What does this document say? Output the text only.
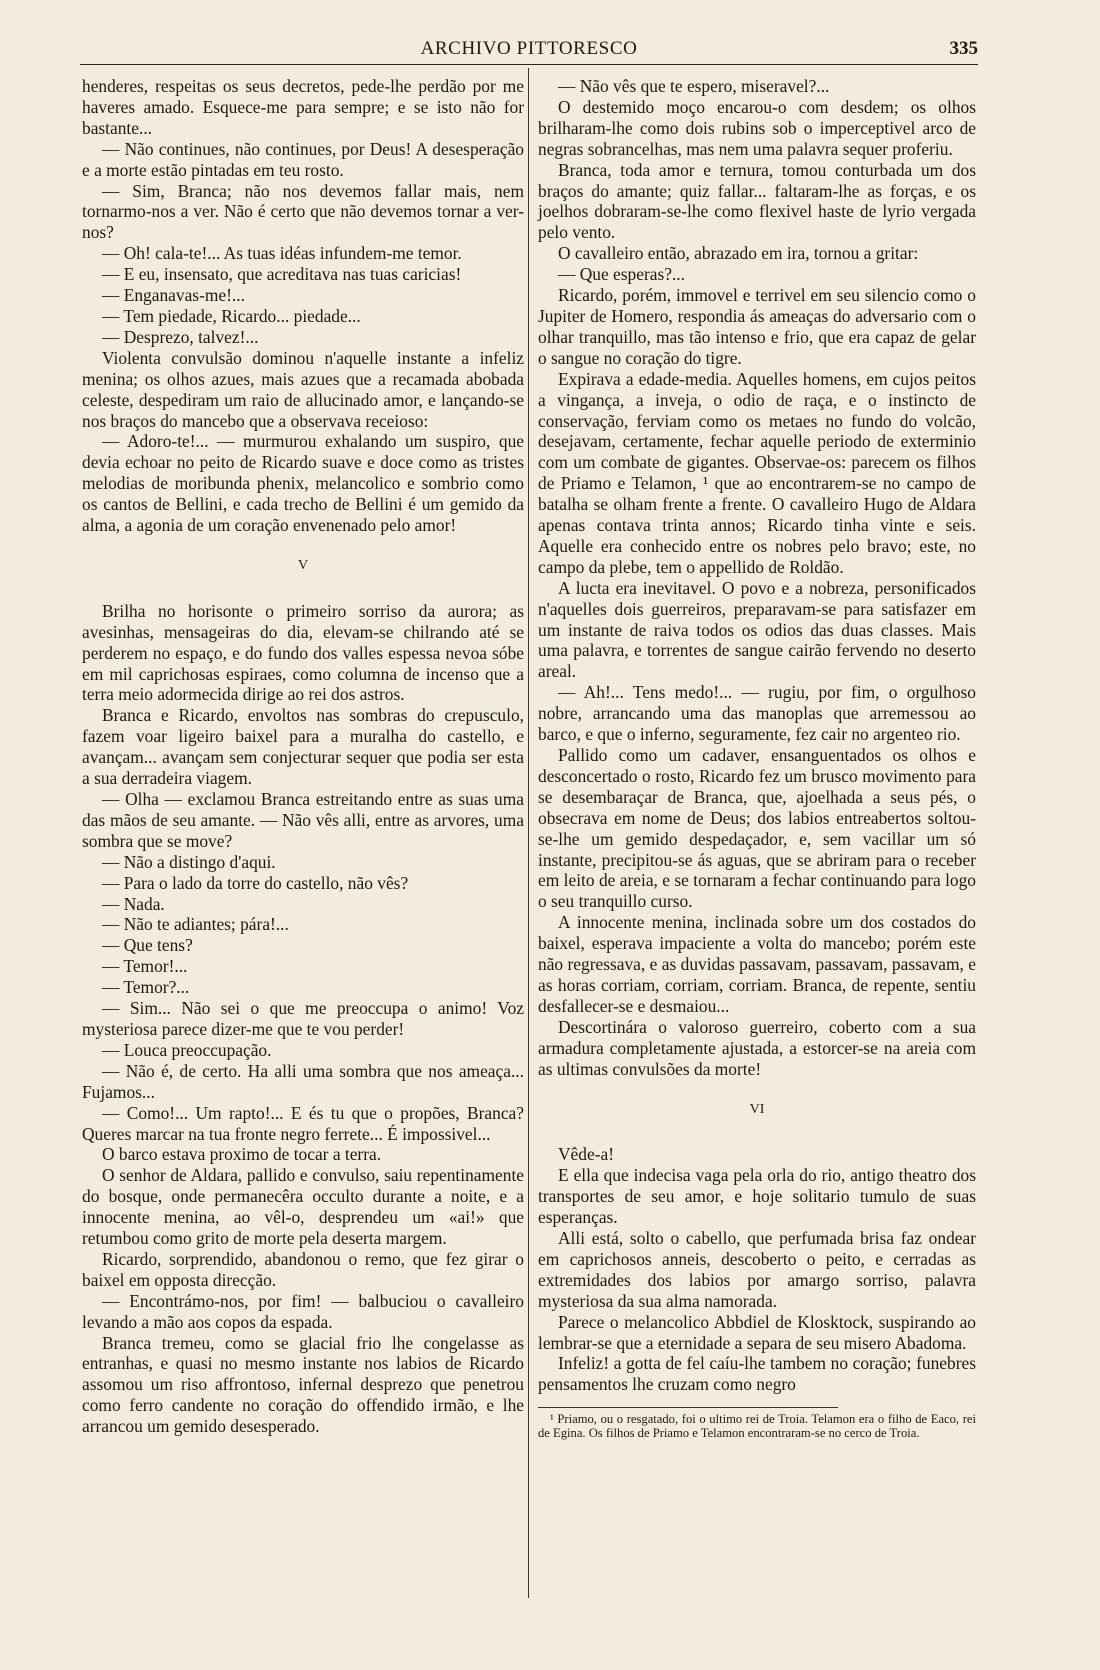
ARCHIVO PITTORESCO	335

henderes, respeitas os seus decretos, pede-lhe perdão por me haveres amado. Esquece-me para sempre; e se isto não for bastante...

— Não continues, não continues, por Deus! A desesperação e a morte estão pintadas em teu rosto.

— Sim, Branca; não nos devemos fallar mais, nem tornarmo-nos a ver. Não é certo que não devemos tornar a ver-nos?

— Oh! cala-te!... As tuas idéas infundem-me temor.

— E eu, insensato, que acreditava nas tuas caricias!

— Enganavas-me!...

— Tem piedade, Ricardo... piedade...

— Desprezo, talvez!...

Violenta convulsão dominou n'aquelle instante a infeliz menina; os olhos azues, mais azues que a recamada abobada celeste, despediram um raio de allucinado amor, e lançando-se nos braços do mancebo que a observava receioso:

— Adoro-te!... — murmurou exhalando um suspiro, que devia echoar no peito de Ricardo suave e doce como as tristes melodias de moribunda phenix, melancolico e sombrio como os cantos de Bellini, e cada trecho de Bellini é um gemido da alma, a agonia de um coração envenenado pelo amor!

V

Brilha no horisonte o primeiro sorriso da aurora; as avesinhas, mensageiras do dia, elevam-se chilrando até se perderem no espaço, e do fundo dos valles espessa nevoa sóbe em mil caprichosas espiraes, como columna de incenso que a terra meio adormecida dirige ao rei dos astros.

Branca e Ricardo, envoltos nas sombras do crepusculo, fazem voar ligeiro baixel para a muralha do castello, e avançam... avançam sem conjecturar sequer que podia ser esta a sua derradeira viagem.

— Olha — exclamou Branca estreitando entre as suas uma das mãos de seu amante. — Não vês alli, entre as arvores, uma sombra que se move?

— Não a distingo d'aqui.

— Para o lado da torre do castello, não vês?

— Nada.

— Não te adiantes; pára!...

— Que tens?

— Temor!...

— Temor?...

— Sim... Não sei o que me preoccupa o animo! Voz mysteriosa parece dizer-me que te vou perder!

— Louca preoccupação.

— Não é, de certo. Ha alli uma sombra que nos ameaça... Fujamos...

— Como!... Um rapto!... E és tu que o propões, Branca? Queres marcar na tua fronte negro ferrete... É impossivel...

O barco estava proximo de tocar a terra.

O senhor de Aldara, pallido e convulso, saiu repentinamente do bosque, onde permanecêra occulto durante a noite, e a innocente menina, ao vêl-o, desprendeu um «ai!» que retumbou como grito de morte pela deserta margem.

Ricardo, sorprendido, abandonou o remo, que fez girar o baixel em opposta direcção.

— Encontrámo-nos, por fim! — balbuciou o cavalleiro levando a mão aos copos da espada.

Branca tremeu, como se glacial frio lhe congelasse as entranhas, e quasi no mesmo instante nos labios de Ricardo assomou um riso affrontoso, infernal desprezo que penetrou como ferro candente no coração do offendido irmão, e lhe arrancou um gemido desesperado.

— Não vês que te espero, miseravel?...

O destemido moço encarou-o com desdem; os olhos brilharam-lhe como dois rubins sob o imperceptivel arco de negras sobrancelhas, mas nem uma palavra sequer proferiu.

Branca, toda amor e ternura, tomou conturbada um dos braços do amante; quiz fallar... faltaram-lhe as forças, e os joelhos dobraram-se-lhe como flexivel haste de lyrio vergada pelo vento.

O cavalleiro então, abrazado em ira, tornou a gritar:

— Que esperas?...

Ricardo, porém, immovel e terrivel em seu silencio como o Jupiter de Homero, respondia ás ameaças do adversario com o olhar tranquillo, mas tão intenso e frio, que era capaz de gelar o sangue no coração do tigre.

Expirava a edade-media. Aquelles homens, em cujos peitos a vingança, a inveja, o odio de raça, e o instincto de conservação, ferviam como os metaes no fundo do volcão, desejavam, certamente, fechar aquelle periodo de exterminio com um combate de gigantes. Observae-os: parecem os filhos de Priamo e Telamon, ¹ que ao encontrarem-se no campo de batalha se olham frente a frente. O cavalleiro Hugo de Aldara apenas contava trinta annos; Ricardo tinha vinte e seis. Aquelle era conhecido entre os nobres pelo bravo; este, no campo da plebe, tem o appellido de Roldão.

A lucta era inevitavel. O povo e a nobreza, personificados n'aquelles dois guerreiros, preparavam-se para satisfazer em um instante de raiva todos os odios das duas classes. Mais uma palavra, e torrentes de sangue cairão fervendo no deserto areal.

— Ah!... Tens medo!... — rugiu, por fim, o orgulhoso nobre, arrancando uma das manoplas que arremessou ao barco, e que o inferno, seguramente, fez cair no argenteo rio.

Pallido como um cadaver, ensanguentados os olhos e desconcertado o rosto, Ricardo fez um brusco movimento para se desembaraçar de Branca, que, ajoelhada a seus pés, o obsecrava em nome de Deus; dos labios entreabertos soltou-se-lhe um gemido despedaçador, e, sem vacillar um só instante, precipitou-se ás aguas, que se abriram para o receber em leito de areia, e se tornaram a fechar continuando para logo o seu tranquillo curso.

A innocente menina, inclinada sobre um dos costados do baixel, esperava impaciente a volta do mancebo; porém este não regressava, e as duvidas passavam, passavam, passavam, e as horas corriam, corriam, corriam. Branca, de repente, sentiu desfallecer-se e desmaiou...

Descortinára o valoroso guerreiro, coberto com a sua armadura completamente ajustada, a estorcer-se na areia com as ultimas convulsões da morte!

VI

Vêde-a!

E ella que indecisa vaga pela orla do rio, antigo theatro dos transportes de seu amor, e hoje solitario tumulo de suas esperanças.

Alli está, solto o cabello, que perfumada brisa faz ondear em caprichosos anneis, descoberto o peito, e cerradas as extremidades dos labios por amargo sorriso, palavra mysteriosa da sua alma namorada.

Parece o melancolico Abbdiel de Klosktock, suspirando ao lembrar-se que a eternidade a separa de seu misero Abadoma.

Infeliz! a gotta de fel caíu-lhe tambem no coração; funebres pensamentos lhe cruzam como negro

¹ Priamo, ou o resgatado, foi o ultimo rei de Troia. Telamon era o filho de Eaco, rei de Egina. Os filhos de Priamo e Telamon encontraram-se no cerco de Troia.
